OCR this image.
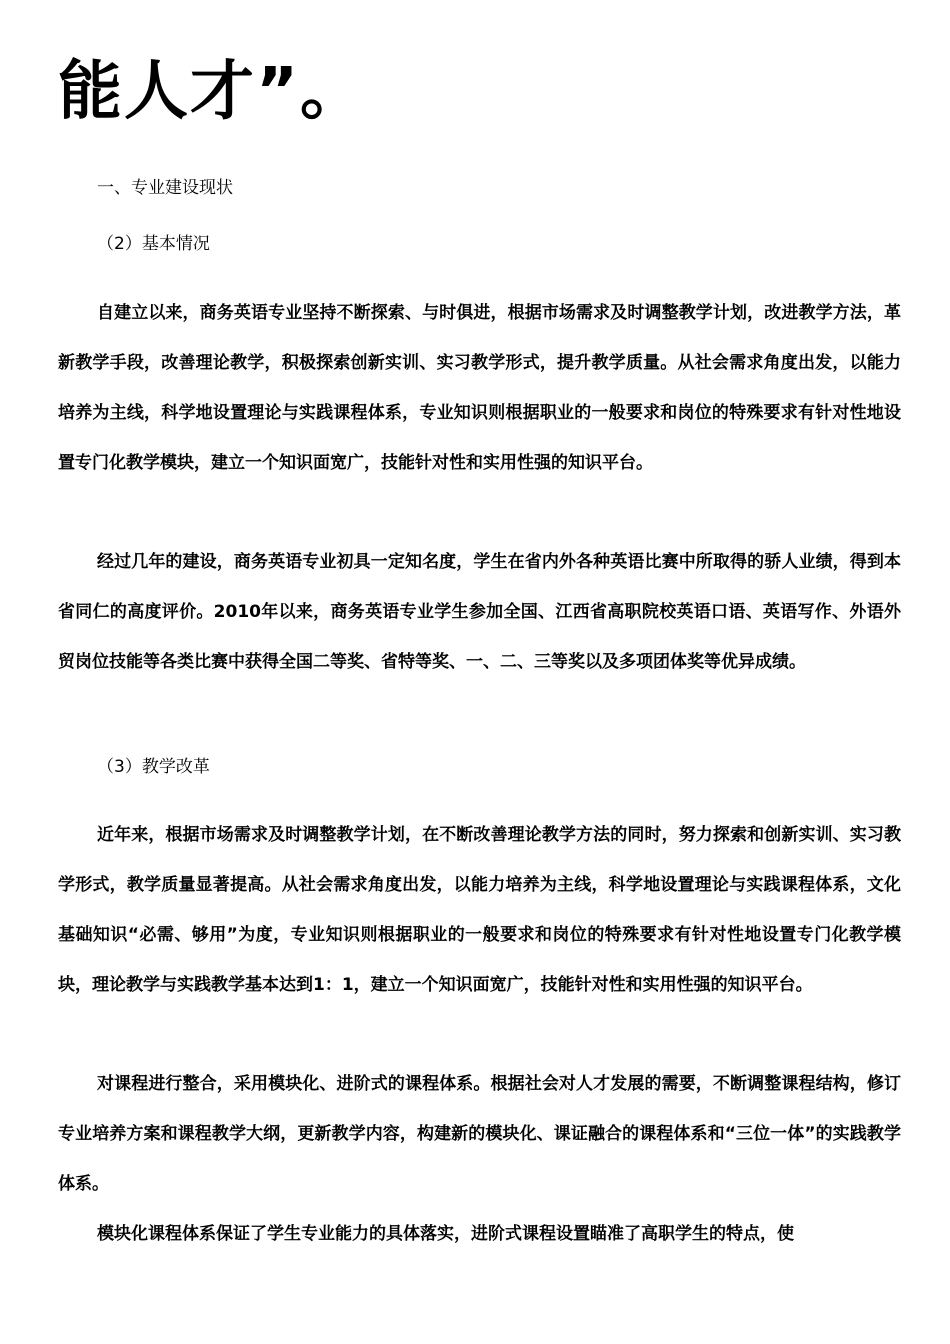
能人才”。
一、专业建设现状
（2）基本情况

自建立以来，商务英语专业坚持不断探索、与时俱进，根据市场需求及时调整教学计划，改进教学方法，革新教学手段，改善理论教学，积极探索创新实训、实习教学形式，提升教学质量。从社会需求角度出发，以能力培养为主线，科学地设置理论与实践课程体系，专业知识则根据职业的一般要求和岗位的特殊要求有针对性地设置专门化教学模块，建立一个知识面宽广，技能针对性和实用性强的知识平台。

经过几年的建设，商务英语专业初具一定知名度，学生在省内外各种英语比赛中所取得的骄人业绩，得到本省同仁的高度评价。2010年以来，商务英语专业学生参加全国、江西省高职院校英语口语、英语写作、外语外贸岗位技能等各类比赛中获得全国二等奖、省特等奖、一、二、三等奖以及多项团体奖等优异成绩。

（3）教学改革

近年来，根据市场需求及时调整教学计划，在不断改善理论教学方法的同时，努力探索和创新实训、实习教学形式，教学质量显著提高。从社会需求角度出发，以能力培养为主线，科学地设置理论与实践课程体系，文化基础知识“必需、够用”为度，专业知识则根据职业的一般要求和岗位的特殊要求有针对性地设置专门化教学模块，理论教学与实践教学基本达到1：1，建立一个知识面宽广，技能针对性和实用性强的知识平台。

对课程进行整合，采用模块化、进阶式的课程体系。根据社会对人才发展的需要，不断调整课程结构，修订专业培养方案和课程教学大纲，更新教学内容，构建新的模块化、课证融合的课程体系和“三位一体”的实践教学体系。

模块化课程体系保证了学生专业能力的具体落实，进阶式课程设置瞄准了高职学生的特点，使
